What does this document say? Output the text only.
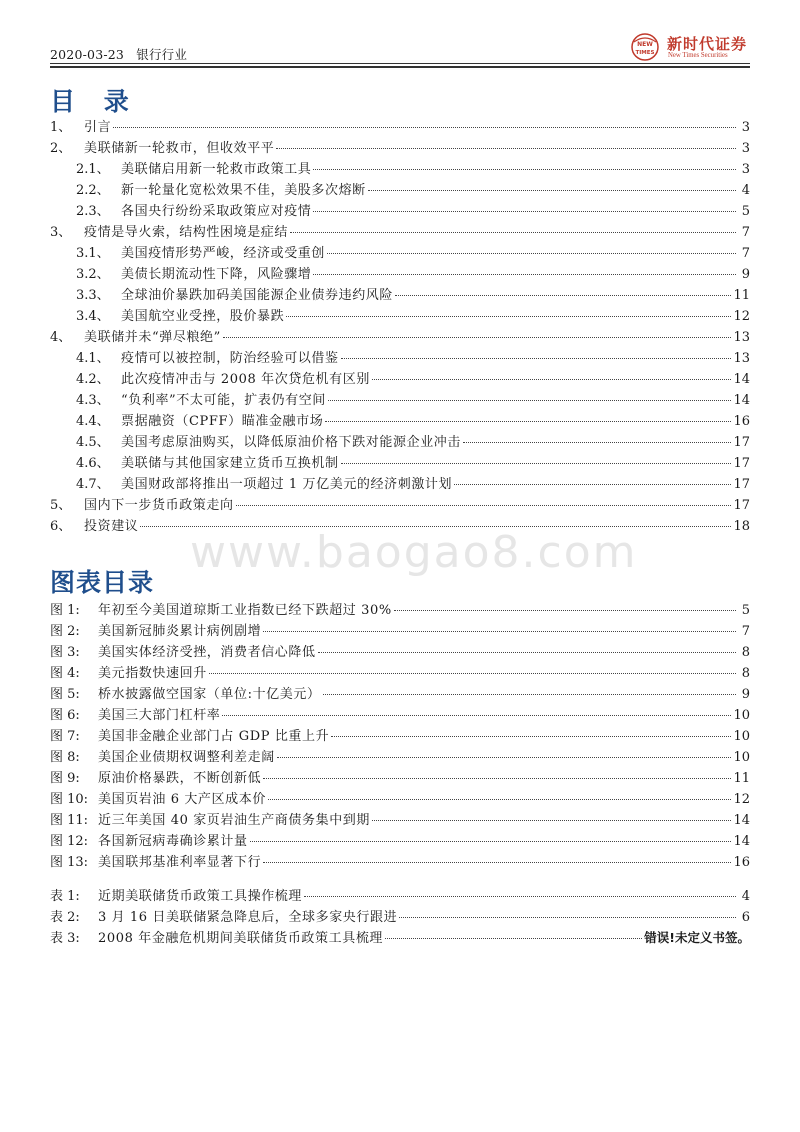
2020-03-23 银行行业
NEW
TIMES 新时代证券
New Times Securities
目 录
1、 引言	3
2、 美联储新一轮救市，但收效平平	3
2.1、 美联储启用新一轮救市政策工具	3
2.2、 新一轮量化宽松效果不佳，美股多次熔断	4
2.3、 各国央行纷纷采取政策应对疫情	5
3、 疫情是导火索，结构性困境是症结	7
3.1、 美国疫情形势严峻，经济或受重创	7
3.2、 美债长期流动性下降，风险骤增	9
3.3、 全球油价暴跌加码美国能源企业债券违约风险	11
3.4、 美国航空业受挫，股价暴跌	12
4、 美联储并未“弹尽粮绝”	13
4.1、 疫情可以被控制，防治经验可以借鉴	13
4.2、 此次疫情冲击与 2008 年次贷危机有区别	14
4.3、 “负利率”不太可能，扩表仍有空间	14
4.4、 票据融资（CPFF）瞄准金融市场	16
4.5、 美国考虑原油购买，以降低原油价格下跌对能源企业冲击	17
4.6、 美联储与其他国家建立货币互换机制	17
4.7、 美国财政部将推出一项超过 1 万亿美元的经济刺激计划	17
5、 国内下一步货币政策走向	17
6、 投资建议	18
www.baogao8.com
图表目录
图 1:	年初至今美国道琼斯工业指数已经下跌超过 30%	5
图 2:	美国新冠肺炎累计病例剧增	7
图 3:	美国实体经济受挫，消费者信心降低	8
图 4:	美元指数快速回升	8
图 5:	桥水披露做空国家（单位:十亿美元）	9
图 6:	美国三大部门杠杆率	10
图 7:	美国非金融企业部门占 GDP 比重上升	10
图 8:	美国企业债期权调整利差走阔	10
图 9:	原油价格暴跌，不断创新低	11
图 10: 美国页岩油 6 大产区成本价	12
图 11: 近三年美国 40 家页岩油生产商债务集中到期	14
图 12: 各国新冠病毒确诊累计量	14
图 13: 美国联邦基准利率显著下行	16
表 1:	近期美联储货币政策工具操作梳理	4
表 2:	3 月 16 日美联储紧急降息后，全球多家央行跟进	6
表 3:	2008 年金融危机期间美联储货币政策工具梳理	错误!未定义书签。
